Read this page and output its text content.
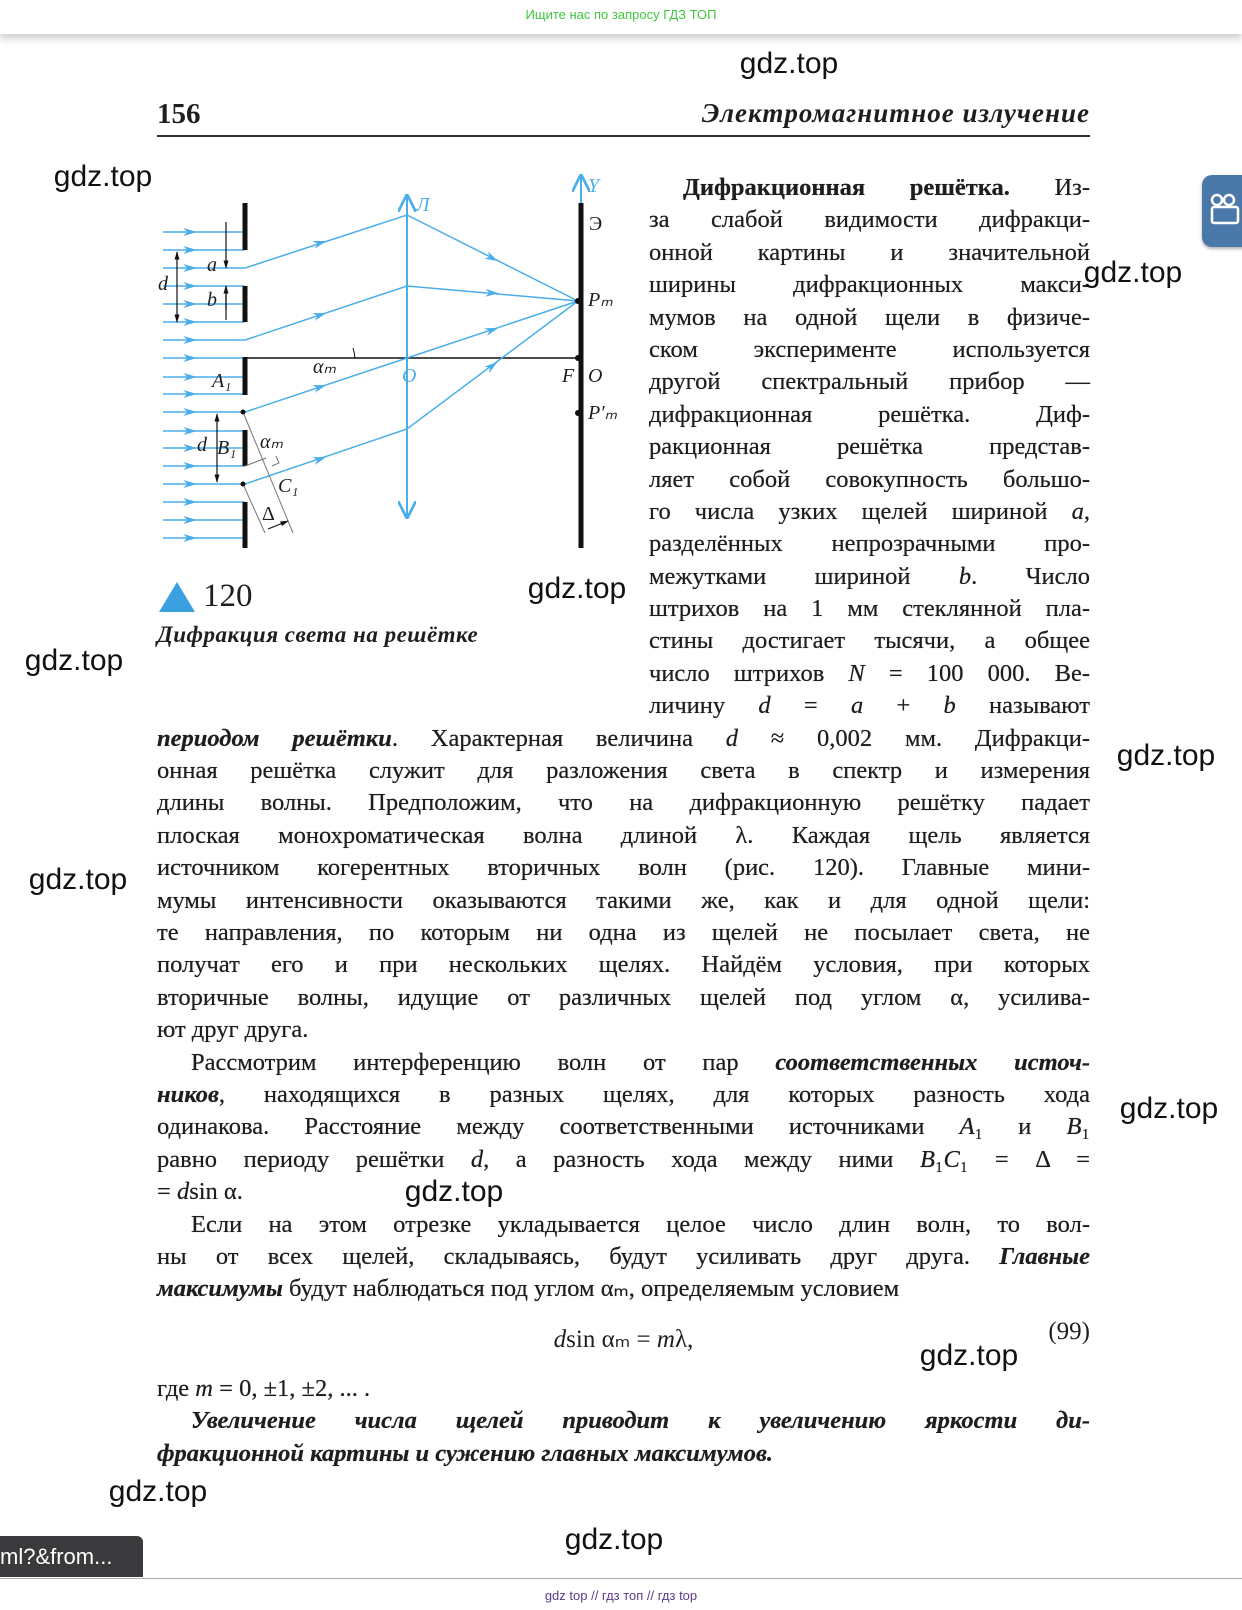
Ищите нас по запросу ГДЗ ТОП
gdz.top
gdz.top
gdz.top
gdz.top
gdz.top
gdz.top
gdz.top
gdz.top
gdz.top
gdz.top
gdz.top
gdz.top
156	Электромагнитное излучение
Л
Y
Э
a
b
d
A₁
d B₁
αₘ
αₘ
C₁
Δ
O	F O
Pₘ
P′ₘ
120
Дифракция света на решётке
Дифракционная решётка. Из-
за слабой видимости дифракци-
онной картины и значительной
ширины дифракционных макси-
мумов на одной щели в физиче-
ском эксперименте используется
другой спектральный прибор —
дифракционная решётка. Диф-
ракционная решётка представ-
ляет собой совокупность большо-
го числа узких щелей шириной a,
разделённых непрозрачными про-
межутками шириной b. Число
штрихов на 1 мм стеклянной пла-
стины достигает тысячи, а общее
число штрихов N = 100 000. Ве-
личину d = a + b называют
периодом решётки. Характерная величина d ≈ 0,002 мм. Дифракци-
онная решётка служит для разложения света в спектр и измерения
длины волны. Предположим, что на дифракционную решётку падает
плоская монохроматическая волна длиной λ. Каждая щель является
источником когерентных вторичных волн (рис. 120). Главные мини-
мумы интенсивности оказываются такими же, как и для одной щели:
те направления, по которым ни одна из щелей не посылает света, не
получат его и при нескольких щелях. Найдём условия, при которых
вторичные волны, идущие от различных щелей под углом α, усилива-
ют друг друга.
Рассмотрим интерференцию волн от пар соответственных источ-
ников, находящихся в разных щелях, для которых разность хода
одинакова. Расстояние между соответственными источниками A₁ и B₁
равно периоду решётки d, а разность хода между ними B₁C₁ = Δ =
= dsin α.
Если на этом отрезке укладывается целое число длин волн, то вол-
ны от всех щелей, складываясь, будут усиливать друг друга. Главные
максимумы будут наблюдаться под углом αₘ, определяемым условием
dsin αₘ = mλ,	(99)
где m = 0, ±1, ±2, ... .
Увеличение числа щелей приводит к увеличению яркости ди-
фракционной картины и сужению главных максимумов.
ml?&from...
gdz top // гдз топ // гдз top
